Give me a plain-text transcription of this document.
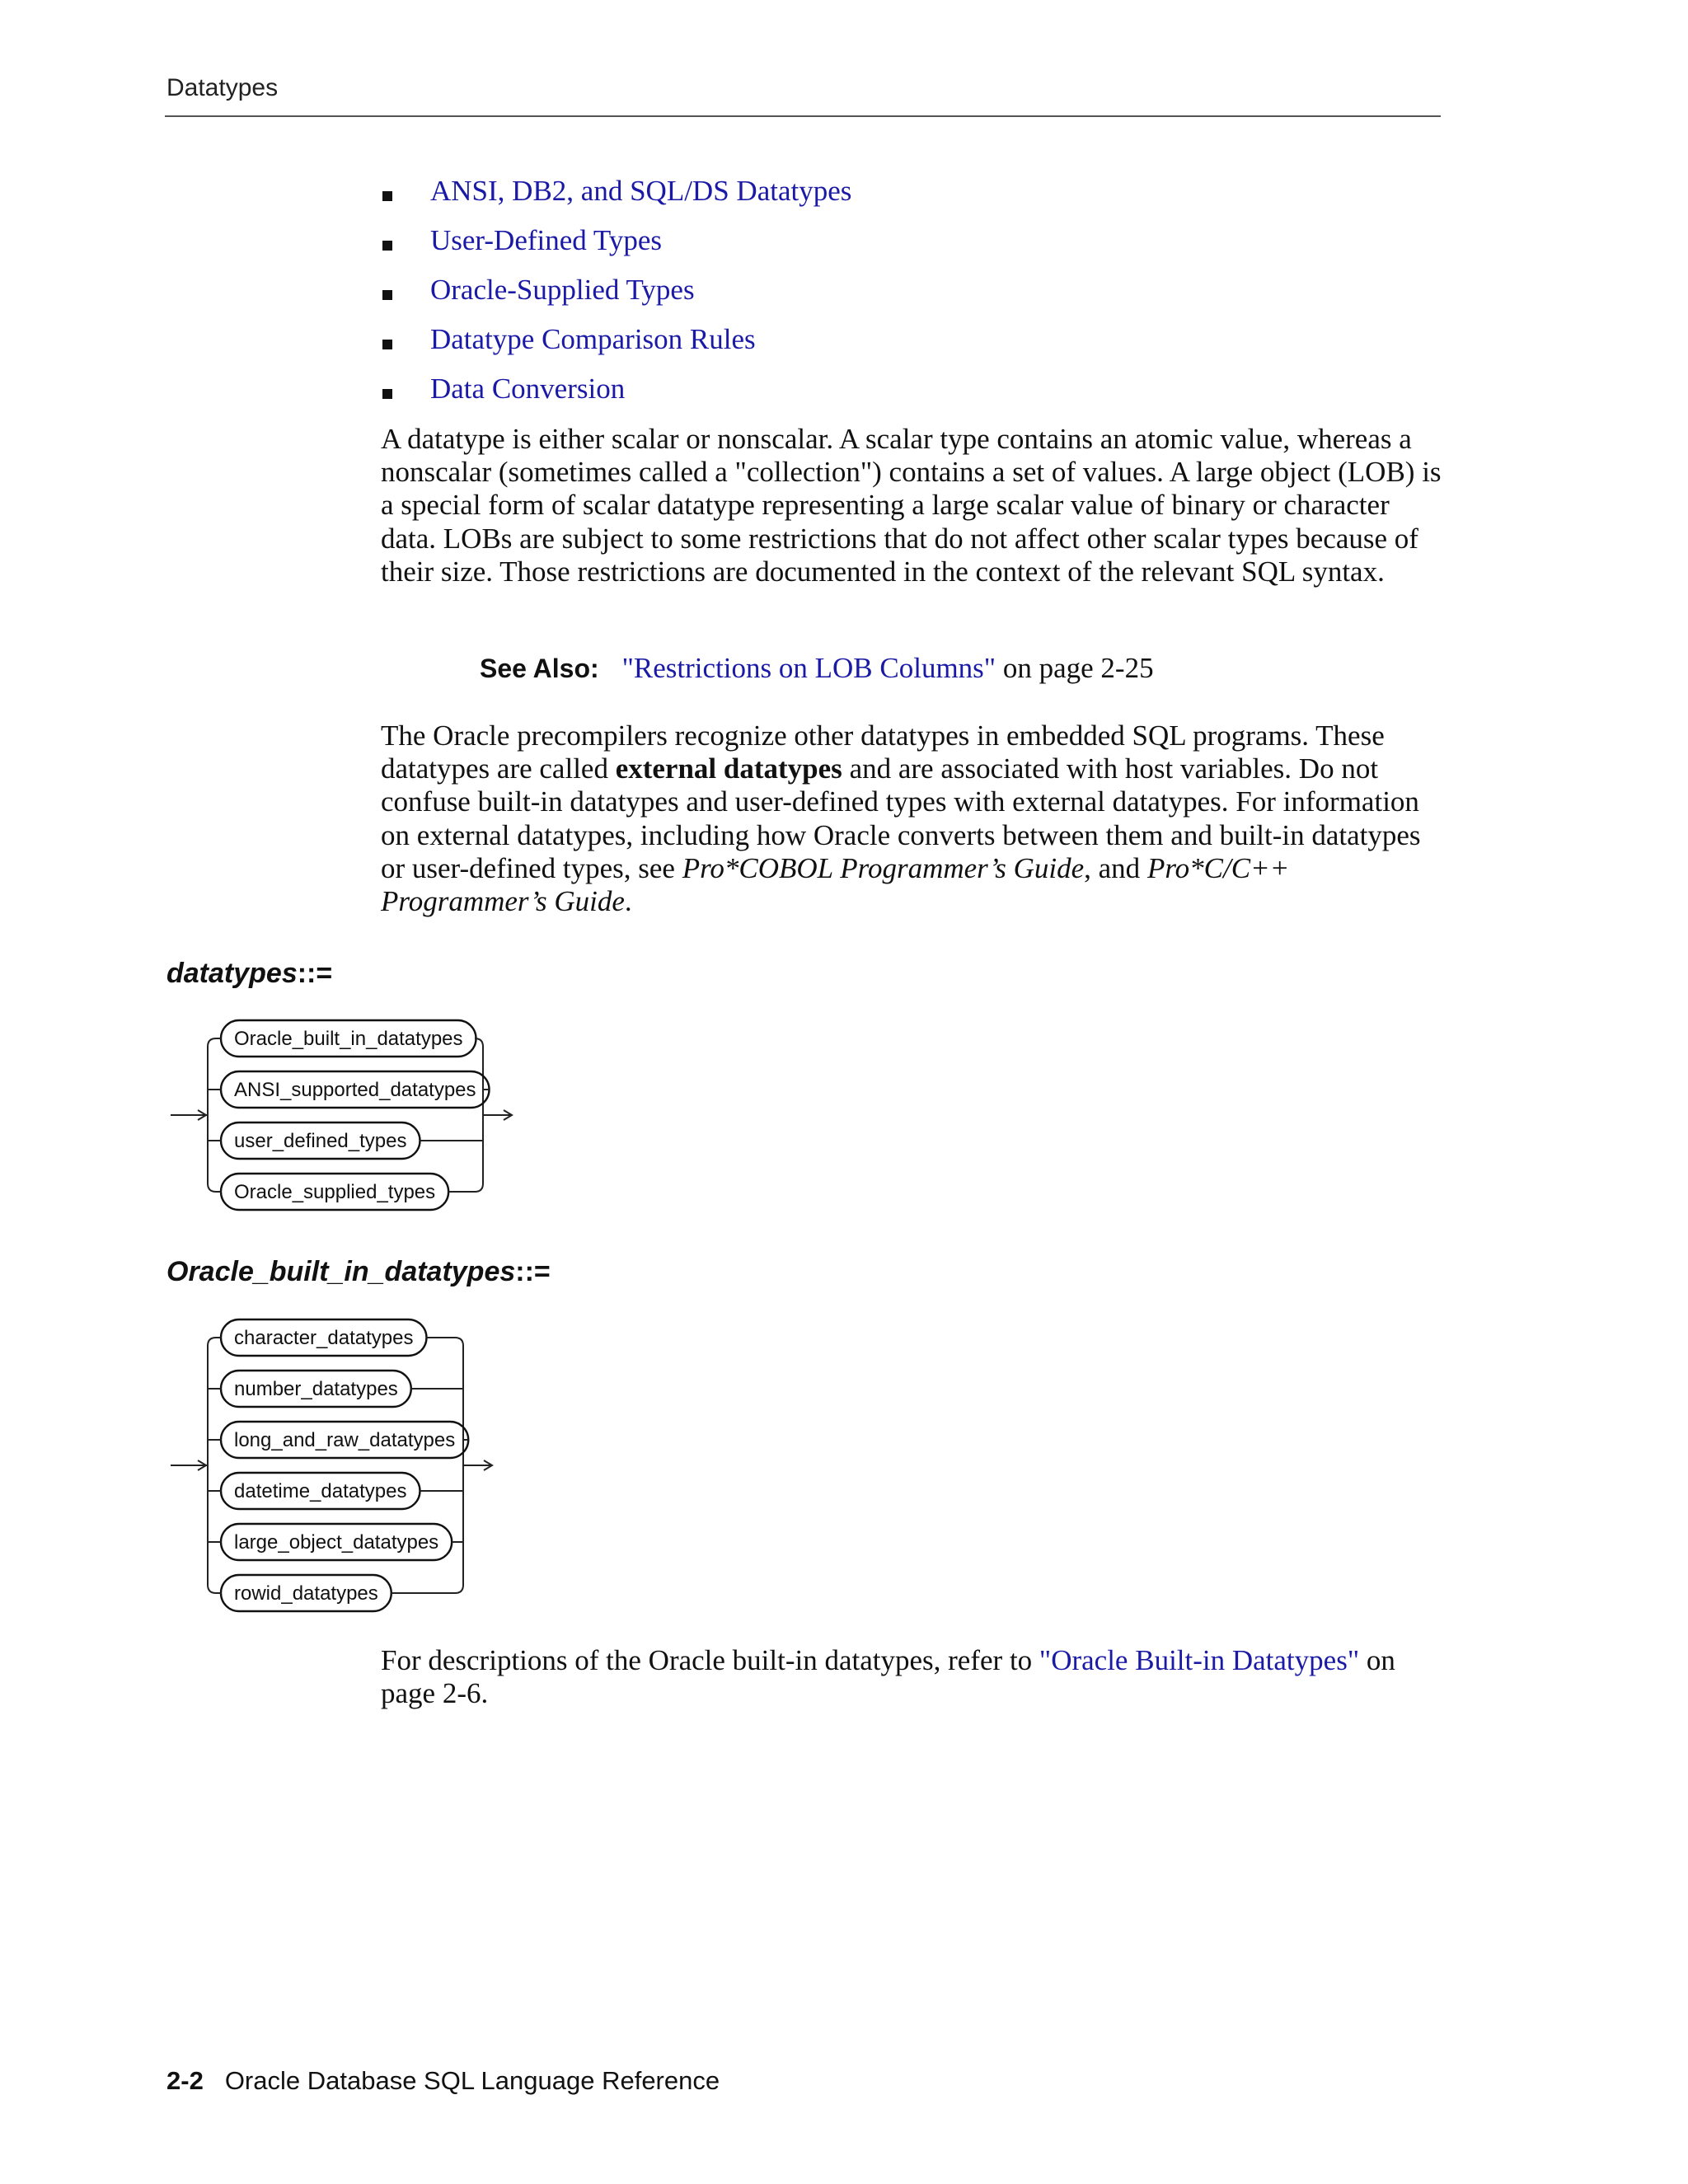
Datatypes
ANSI, DB2, and SQL/DS Datatypes
User-Defined Types
Oracle-Supplied Types
Datatype Comparison Rules
Data Conversion
A datatype is either scalar or nonscalar. A scalar type contains an atomic value, whereas a nonscalar (sometimes called a "collection") contains a set of values. A large object (LOB) is a special form of scalar datatype representing a large scalar value of binary or character data. LOBs are subject to some restrictions that do not affect other scalar types because of their size. Those restrictions are documented in the context of the relevant SQL syntax.
See Also: "Restrictions on LOB Columns" on page 2-25
The Oracle precompilers recognize other datatypes in embedded SQL programs. These datatypes are called external datatypes and are associated with host variables. Do not confuse built-in datatypes and user-defined types with external datatypes. For information on external datatypes, including how Oracle converts between them and built-in datatypes or user-defined types, see Pro*COBOL Programmer’s Guide, and Pro*C/C++ Programmer’s Guide.
datatypes::=
Oracle_built_in_datatypes::=
Oracle_built_in_datatypes
ANSI_supported_datatypes
user_defined_types
Oracle_supplied_types
character_datatypes
number_datatypes
long_and_raw_datatypes
datetime_datatypes
large_object_datatypes
rowid_datatypes
For descriptions of the Oracle built-in datatypes, refer to "Oracle Built-in Datatypes" on page 2-6.
2-2 Oracle Database SQL Language Reference
